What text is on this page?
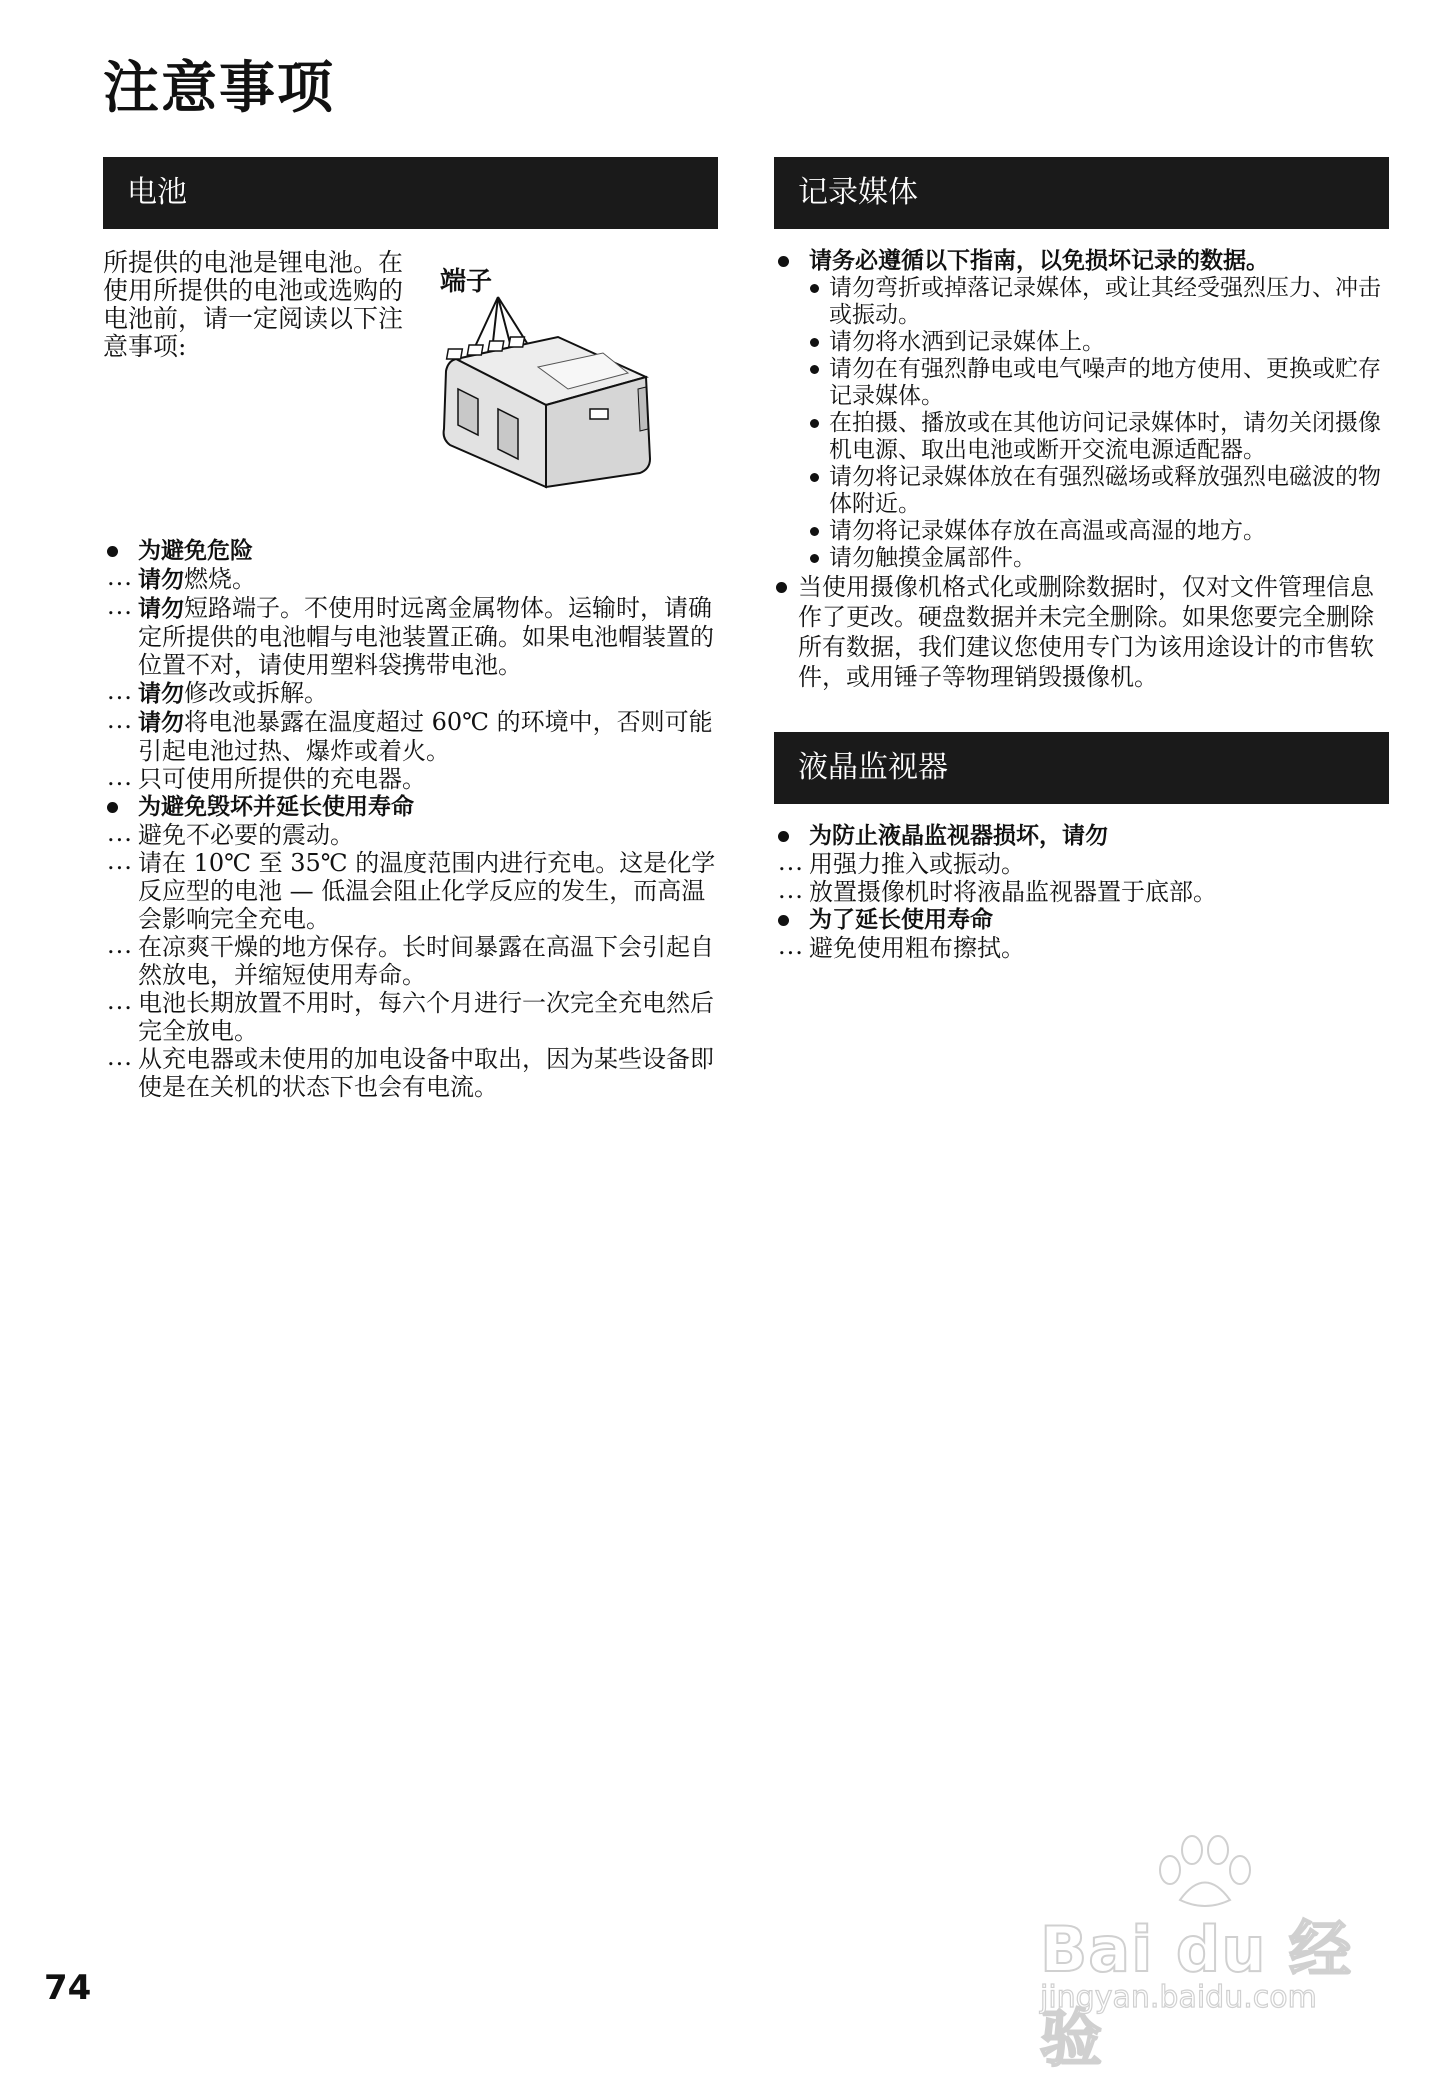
注意事项
电池

所提供的电池是锂电池。在使用所提供的电池或选购的电池前，请一定阅读以下注意事项:

端子
为避免危险
... 请勿燃烧。
... 请勿短路端子。不使用时远离金属物体。运输时，请确定所提供的电池帽与电池装置正确。如果电池帽装置的位置不对，请使用塑料袋携带电池。
... 请勿修改或拆解。
... 请勿将电池暴露在温度超过 60℃ 的环境中，否则可能引起电池过热、爆炸或着火。
... 只可使用所提供的充电器。
为避免毁坏并延长使用寿命
... 避免不必要的震动。
... 请在 10℃ 至 35℃ 的温度范围内进行充电。这是化学反应型的电池 — 低温会阻止化学反应的发生，而高温会影响完全充电。
... 在凉爽干燥的地方保存。长时间暴露在高温下会引起自然放电，并缩短使用寿命。
... 电池长期放置不用时，每六个月进行一次完全充电然后完全放电。
... 从充电器或未使用的加电设备中取出，因为某些设备即使是在关机的状态下也会有电流。
记录媒体
请务必遵循以下指南，以免损坏记录的数据。
请勿弯折或掉落记录媒体，或让其经受强烈压力、冲击或振动。
请勿将水洒到记录媒体上。
请勿在有强烈静电或电气噪声的地方使用、更换或贮存记录媒体。
在拍摄、播放或在其他访问记录媒体时，请勿关闭摄像机电源、取出电池或断开交流电源适配器。
请勿将记录媒体放在有强烈磁场或释放强烈电磁波的物体附近。
请勿将记录媒体存放在高温或高湿的地方。
请勿触摸金属部件。
当使用摄像机格式化或删除数据时，仅对文件管理信息作了更改。硬盘数据并未完全删除。如果您要完全删除所有数据，我们建议您使用专门为该用途设计的市售软件，或用锤子等物理销毁摄像机。
液晶监视器
为防止液晶监视器损坏，请勿
... 用强力推入或振动。
... 放置摄像机时将液晶监视器置于底部。
为了延长使用寿命
... 避免使用粗布擦拭。
74
Bai du 经验
jingyan.baidu.com
